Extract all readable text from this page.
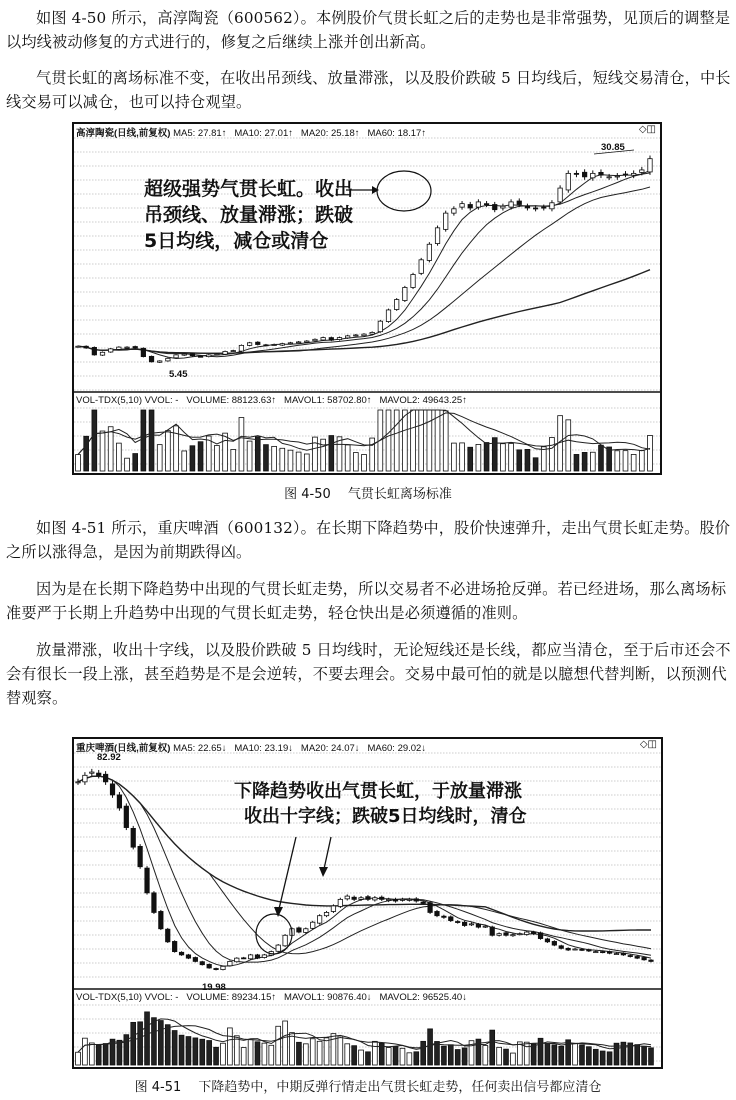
如图 4-50 所示，高淳陶瓷（600562）。本例股价气贯长虹之后的走势也是非常强势，见顶后的调整是以均线被动修复的方式进行的，修复之后继续上涨并创出新高。

气贯长虹的离场标准不变，在收出吊颈线、放量滞涨，以及股价跌破 5 日均线后，短线交易清仓，中长线交易可以减仓，也可以持仓观望。

高淳陶瓷(日线,前复权) MA5: 27.81↑ MA10: 27.01↑ MA20: 25.18↑ MA60: 18.17↑	◇◫
30.85
5.45
超级强势气贯长虹。收出
吊颈线、放量滞涨；跌破
5日均线，减仓或清仓
VOL-TDX(5,10) VVOL: - VOLUME: 88123.63↑ MAVOL1: 58702.80↑ MAVOL2: 49643.25↑
图 4-50　 气贯长虹离场标准

如图 4-51 所示，重庆啤酒（600132）。在长期下降趋势中，股价快速弹升，走出气贯长虹走势。股价之所以涨得急，是因为前期跌得凶。

因为是在长期下降趋势中出现的气贯长虹走势，所以交易者不必进场抢反弹。若已经进场，那么离场标准要严于长期上升趋势中出现的气贯长虹走势，轻仓快出是必须遵循的准则。

放量滞涨，收出十字线，以及股价跌破 5 日均线时，无论短线还是长线，都应当清仓，至于后市还会不会有很长一段上涨，甚至趋势是不是会逆转，不要去理会。交易中最可怕的就是以臆想代替判断，以预测代替观察。

重庆啤酒(日线,前复权) MA5: 22.65↓ MA10: 23.19↓ MA20: 24.07↓ MA60: 29.02↓	◇◫
82.92
19.98
下降趋势收出气贯长虹，于放量滞涨
收出十字线；跌破5日均线时，清仓
VOL-TDX(5,10) VVOL: - VOLUME: 89234.15↑ MAVOL1: 90876.40↓ MAVOL2: 96525.40↓
图 4-51　 下降趋势中，中期反弹行情走出气贯长虹走势，任何卖出信号都应清仓
